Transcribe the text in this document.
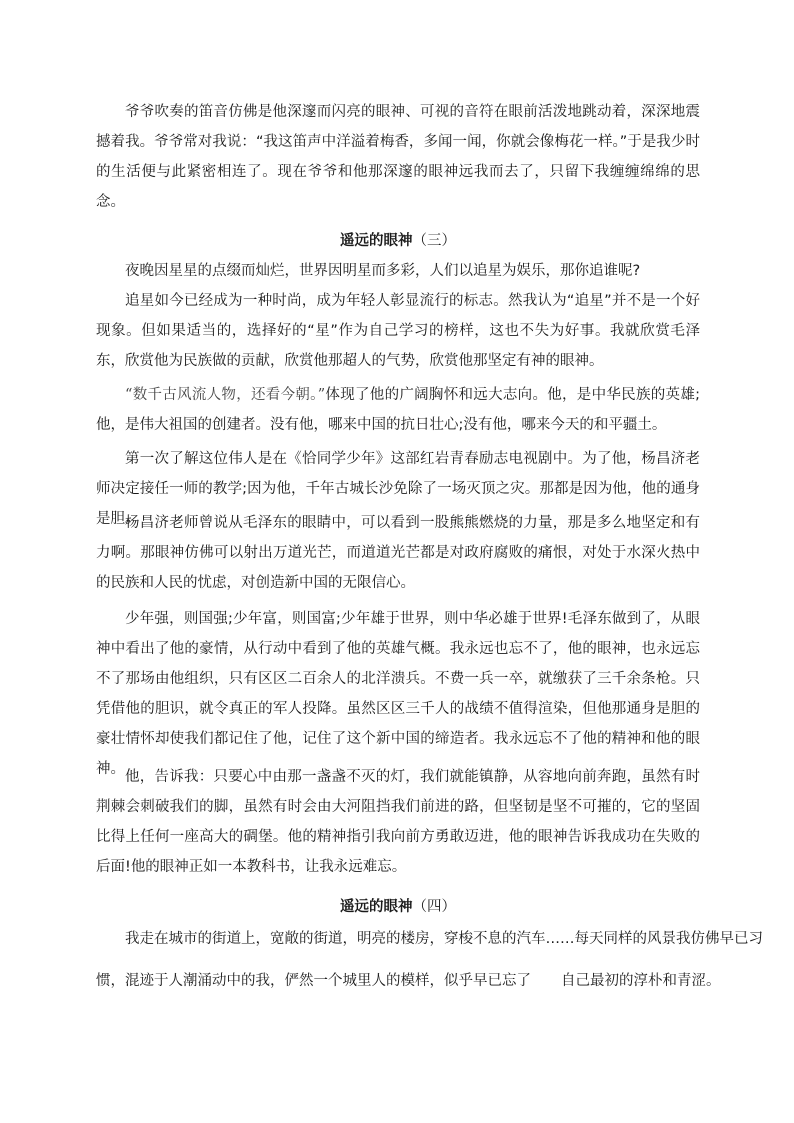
爷爷吹奏的笛音仿佛是他深邃而闪亮的眼神、可视的音符在眼前活泼地跳动着，深深地震撼着我。爷爷常对我说：“我这笛声中洋溢着梅香，多闻一闻，你就会像梅花一样。”于是我少时的生活便与此紧密相连了。现在爷爷和他那深邃的眼神远我而去了，只留下我缠缠绵绵的思念。

遥远的眼神（三）

夜晚因星星的点缀而灿烂，世界因明星而多彩，人们以追星为娱乐，那你追谁呢?

追星如今已经成为一种时尚，成为年轻人彰显流行的标志。然我认为“追星”并不是一个好现象。但如果适当的，选择好的“星”作为自己学习的榜样，这也不失为好事。我就欣赏毛泽东，欣赏他为民族做的贡献，欣赏他那超人的气势，欣赏他那坚定有神的眼神。

“数千古风流人物，还看今朝。”体现了他的广阔胸怀和远大志向。他，是中华民族的英雄;他，是伟大祖国的创建者。没有他，哪来中国的抗日壮心;没有他，哪来今天的和平疆土。

第一次了解这位伟人是在《恰同学少年》这部红岩青春励志电视剧中。为了他，杨昌济老师决定接任一师的教学;因为他，千年古城长沙免除了一场灭顶之灾。那都是因为他，他的通身是胆。

杨昌济老师曾说从毛泽东的眼睛中，可以看到一股熊熊燃烧的力量，那是多么地坚定和有力啊。那眼神仿佛可以射出万道光芒，而道道光芒都是对政府腐败的痛恨，对处于水深火热中的民族和人民的忧虑，对创造新中国的无限信心。

少年强，则国强;少年富，则国富;少年雄于世界，则中华必雄于世界!毛泽东做到了，从眼神中看出了他的豪情，从行动中看到了他的英雄气概。我永远也忘不了，他的眼神，也永远忘不了那场由他组织，只有区区二百余人的北洋溃兵。不费一兵一卒，就缴获了三千余条枪。只凭借他的胆识，就令真正的军人投降。虽然区区三千人的战绩不值得渲染，但他那通身是胆的豪壮情怀却使我们都记住了他，记住了这个新中国的缔造者。我永远忘不了他的精神和他的眼神。 他，告诉我：只要心中由那一盏盏不灭的灯，我们就能镇静，从容地向前奔跑，虽然有时荆棘会刺破我们的脚，虽然有时会由大河阻挡我们前进的路，但坚韧是坚不可摧的，它的坚固比得上任何一座高大的碉堡。他的精神指引我向前方勇敢迈进，他的眼神告诉我成功在失败的后面!他的眼神正如一本教科书，让我永远难忘。

遥远的眼神（四）

我走在城市的街道上，宽敞的街道，明亮的楼房，穿梭不息的汽车……每天同样的风景我仿佛早已习

惯，混迹于人潮涌动中的我，俨然一个城里人的模样，似乎早已忘了 自己最初的淳朴和青涩。
